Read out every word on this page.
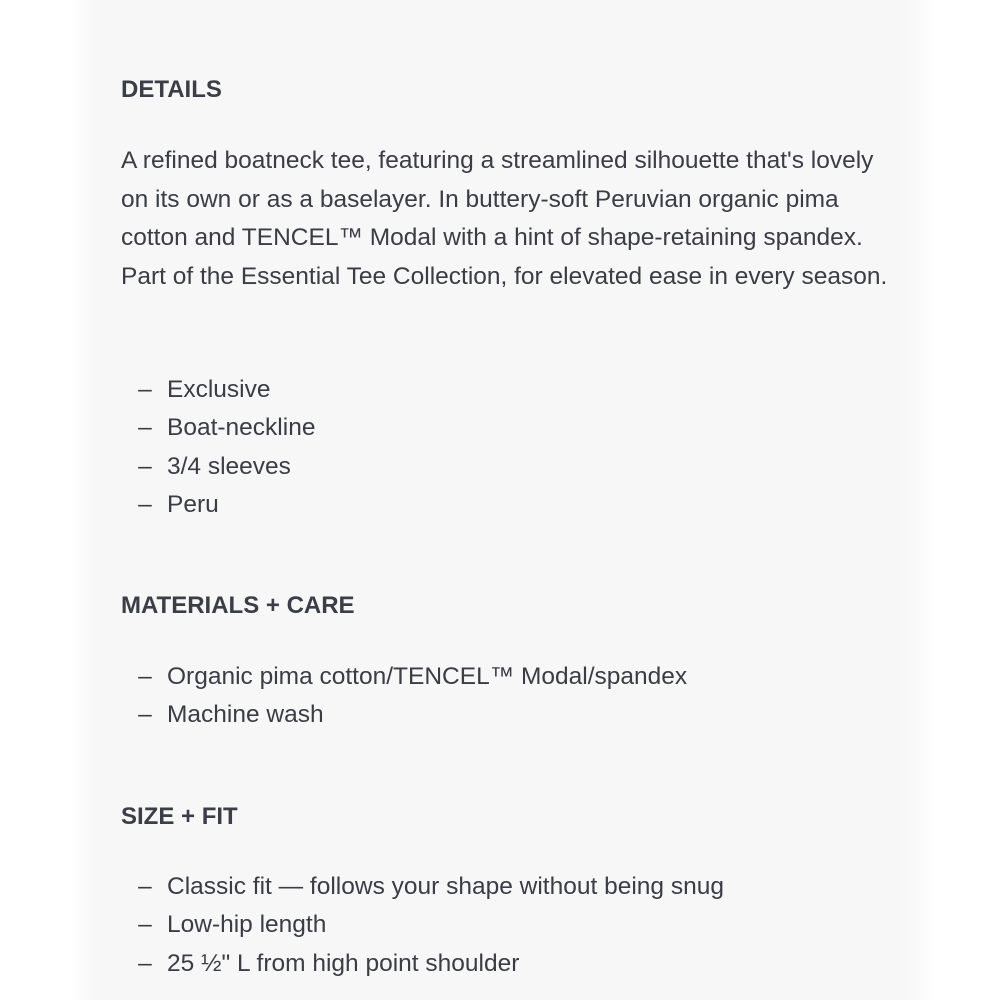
DETAILS

A refined boatneck tee, featuring a streamlined silhouette that's lovely on its own or as a baselayer. In buttery-soft Peruvian organic pima cotton and TENCEL™ Modal with a hint of shape-retaining spandex. Part of the Essential Tee Collection, for elevated ease in every season.

– Exclusive
– Boat-neckline
– 3/4 sleeves
– Peru
MATERIALS + CARE
– Organic pima cotton/TENCEL™ Modal/spandex
– Machine wash
SIZE + FIT
– Classic fit — follows your shape without being snug
– Low-hip length
– 25 ½" L from high point shoulder
